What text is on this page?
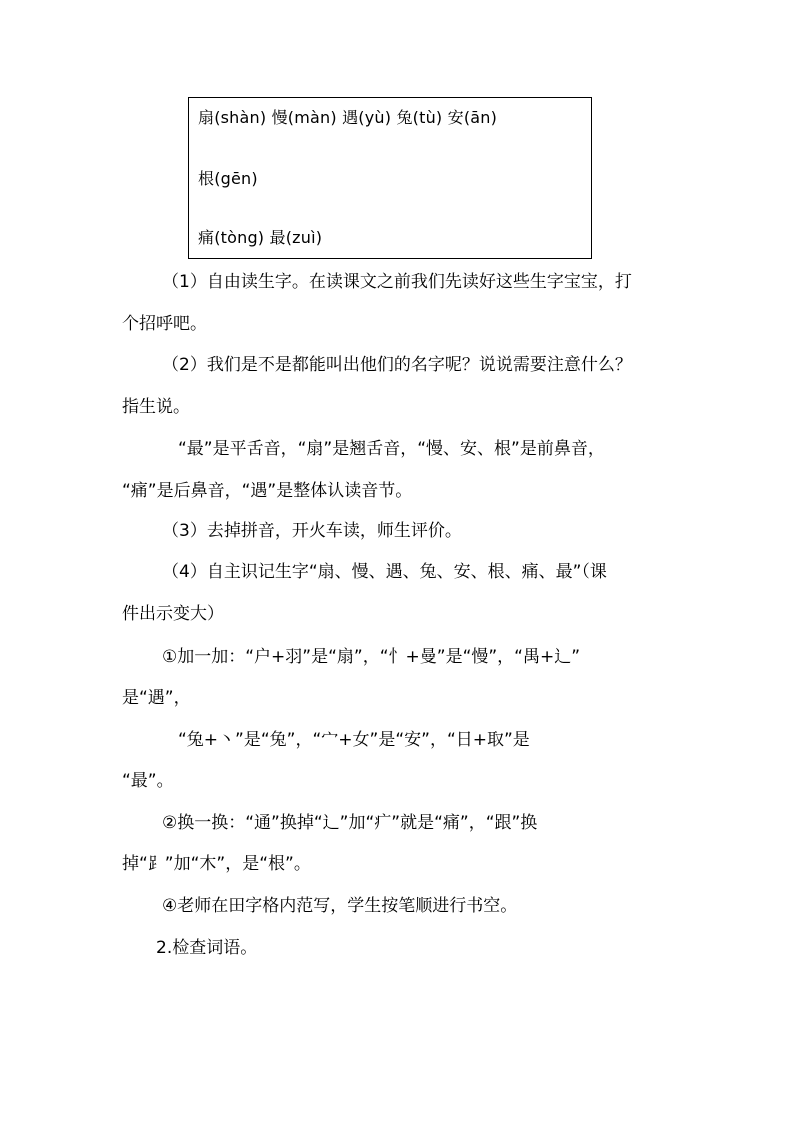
扇(shàn) 慢(màn) 遇(yù) 兔(tù) 安(ān)
根(gēn)
痛(tòng) 最(zuì)
（1）自由读生字。在读课文之前我们先读好这些生字宝宝，打
个招呼吧。
（2）我们是不是都能叫出他们的名字呢？说说需要注意什么？
指生说。
“最”是平舌音，“扇”是翘舌音，“慢、安、根”是前鼻音，
“痛”是后鼻音，“遇”是整体认读音节。
（3）去掉拼音，开火车读，师生评价。
（4）自主识记生字“扇、慢、遇、兔、安、根、痛、最”（课
件出示变大）
①加一加：“户+羽”是“扇”，“忄+曼”是“慢”，“禺+辶”
是“遇”，
“兔+丶”是“兔”，“宀+女”是“安”，“日+取”是
“最”。
②换一换：“通”换掉“辶”加“疒”就是“痛”，“跟”换
掉“⻊”加“木”，是“根”。
④老师在田字格内范写，学生按笔顺进行书空。
2.检查词语。
